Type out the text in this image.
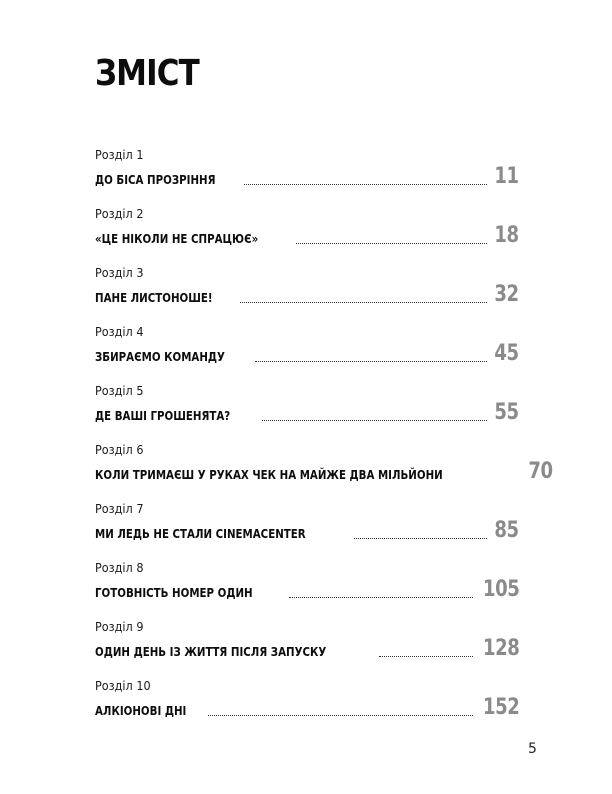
ЗМІСТ
Розділ 1
ДО БІСА ПРОЗРІННЯ	11
Розділ 2
«ЦЕ НІКОЛИ НЕ СПРАЦЮЄ»	18
Розділ 3
ПАНЕ ЛИСТОНОШЕ!	32
Розділ 4
ЗБИРАЄМО КОМАНДУ	45
Розділ 5
ДЕ ВАШІ ГРОШЕНЯТА?	55
Розділ 6
КОЛИ ТРИМАЄШ У РУКАХ ЧЕК НА МАЙЖЕ ДВА МІЛЬЙОНИ	70
Розділ 7
МИ ЛЕДЬ НЕ СТАЛИ CINEMACENTER	85
Розділ 8
ГОТОВНІСТЬ НОМЕР ОДИН	105
Розділ 9
ОДИН ДЕНЬ ІЗ ЖИТТЯ ПІСЛЯ ЗАПУСКУ	128
Розділ 10
АЛКІОНОВІ ДНІ	152
5
